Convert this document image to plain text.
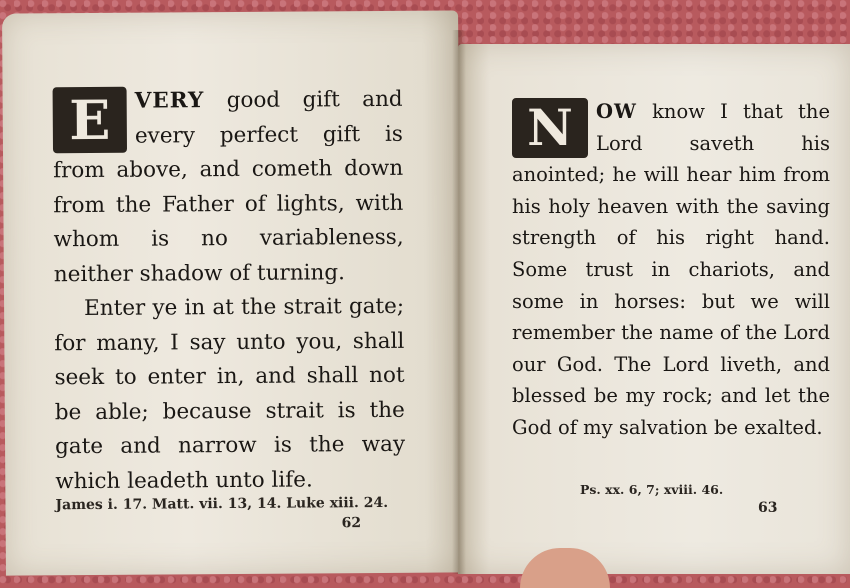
E	VERY good gift and every perfect gift is from above, and cometh down from the Father of lights, with whom is no variableness, neither shadow of turning.

Enter ye in at the strait gate; for many, I say unto you, shall seek to enter in, and shall not be able; because strait is the gate and narrow is the way which leadeth unto life.

James i. 17. Matt. vii. 13, 14. Luke xiii. 24.
62

N	OW know I that the Lord saveth his anointed; he will hear him from his holy heaven with the saving strength of his right hand. Some trust in chariots, and some in horses: but we will remember the name of the Lord our God. The Lord liveth, and blessed be my rock; and let the God of my salvation be exalted.

Ps. xx. 6, 7; xviii. 46.
63
